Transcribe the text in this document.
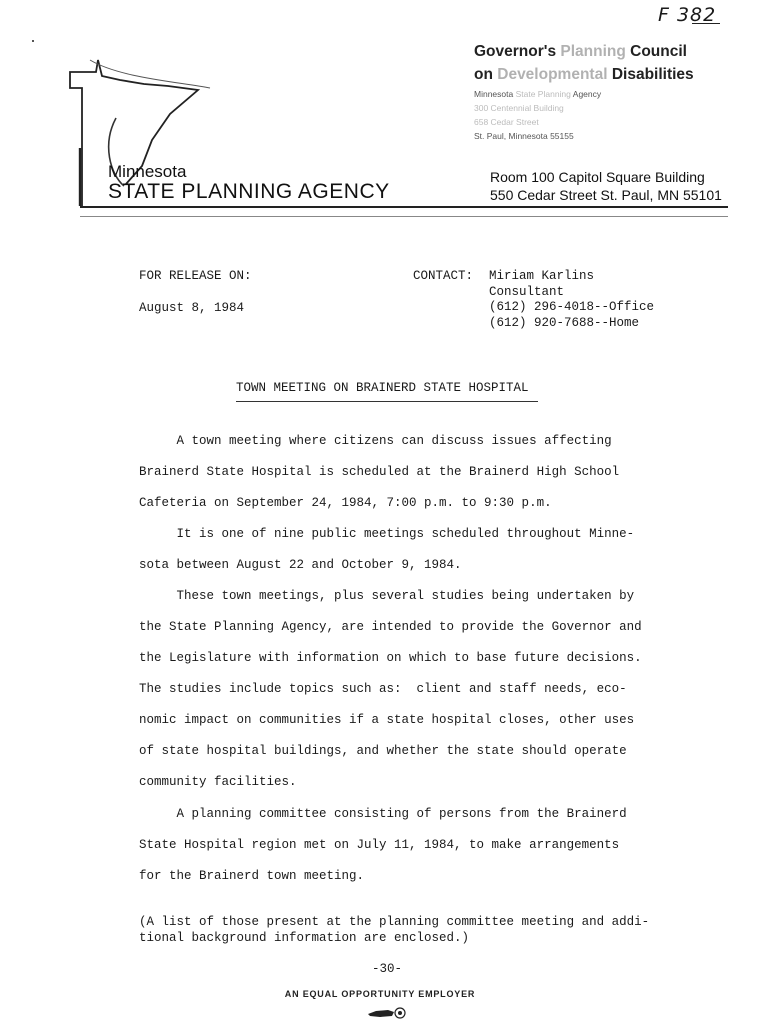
F 382
Governor's Planning Council
on Developmental Disabilities
Minnesota State Planning Agency
300 Centennial Building
658 Cedar Street
St. Paul, Minnesota 55155
Minnesota
STATE PLANNING AGENCY
Room 100 Capitol Square Building
550 Cedar Street St. Paul, MN 55101
FOR RELEASE ON:
August 8, 1984
CONTACT: Miriam Karlins
Consultant
(612) 296-4018--Office
(612) 920-7688--Home
TOWN MEETING ON BRAINERD STATE HOSPITAL
A town meeting where citizens can discuss issues affecting
Brainerd State Hospital is scheduled at the Brainerd High School
Cafeteria on September 24, 1984, 7:00 p.m. to 9:30 p.m.
It is one of nine public meetings scheduled throughout Minne-
sota between August 22 and October 9, 1984.
These town meetings, plus several studies being undertaken by
the State Planning Agency, are intended to provide the Governor and
the Legislature with information on which to base future decisions.
The studies include topics such as:  client and staff needs, eco-
nomic impact on communities if a state hospital closes, other uses
of state hospital buildings, and whether the state should operate
community facilities.
A planning committee consisting of persons from the Brainerd
State Hospital region met on July 11, 1984, to make arrangements
for the Brainerd town meeting.
(A list of those present at the planning committee meeting and addi-
tional background information are enclosed.)
-30-
AN EQUAL OPPORTUNITY EMPLOYER
